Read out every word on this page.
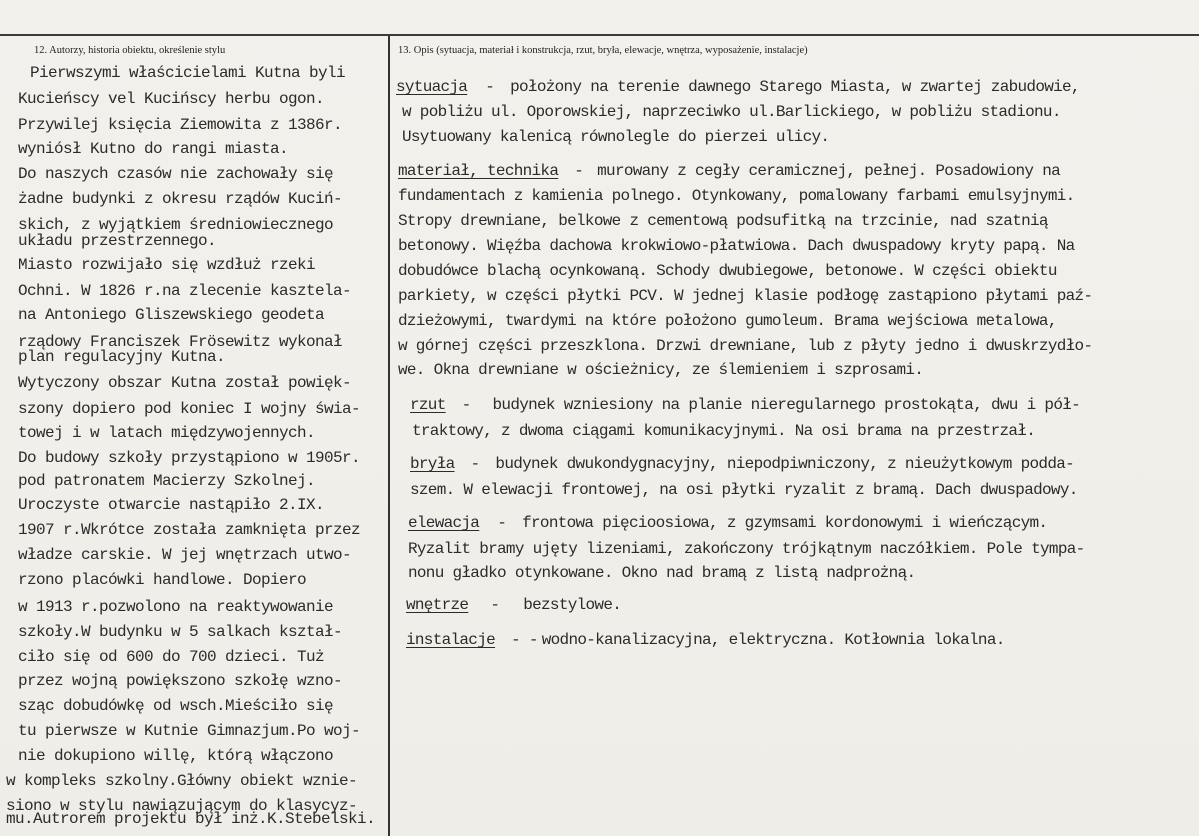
12. Autorzy, historia obiektu, określenie stylu	13. Opis (sytuacja, materiał i konstrukcja, rzut, bryła, elewacje, wnętrza, wyposażenie, instalacje)
Pierwszymi właścicielami Kutna byli
Kucieńscy vel Kucińscy herbu ogon.
Przywilej księcia Ziemowita z 1386r.
wyniósł Kutno do rangi miasta.
Do naszych czasów nie zachowały się
żadne budynki z okresu rządów Kuciń-
skich, z wyjątkiem średniowiecznego
układu przestrzennego.
Miasto rozwijało się wzdłuż rzeki
Ochni. W 1826 r.na zlecenie kasztela-
na Antoniego Gliszewskiego geodeta
rządowy Franciszek Frösewitz wykonał
plan regulacyjny Kutna.
Wytyczony obszar Kutna został powięk-
szony dopiero pod koniec I wojny świa-
towej i w latach międzywojennych.
Do budowy szkoły przystąpiono w 1905r.
pod patronatem Macierzy Szkolnej.
Uroczyste otwarcie nastąpiło 2.IX.
1907 r.Wkrótce została zamknięta przez
władze carskie. W jej wnętrzach utwo-
rzono placówki handlowe. Dopiero
w 1913 r.pozwolono na reaktywowanie
szkoły.W budynku w 5 salkach kształ-
ciło się od 600 do 700 dzieci. Tuż
przez wojną powiększono szkołę wzno-
sząc dobudówkę od wsch.Mieściło się
tu pierwsze w Kutnie Gimnazjum.Po woj-
nie dokupiono willę, którą włączono
w kompleks szkolny.Główny obiekt wznie-
siono w stylu nawiązującym do klasycyz-
mu.Autrorem projektu był inż.K.Stebelski.
sytuacja - położony na terenie dawnego Starego Miasta, w zwartej zabudowie,
w pobliżu ul. Oporowskiej, naprzeciwko ul.Barlickiego, w pobliżu stadionu.
Usytuowany kalenicą równolegle do pierzei ulicy.
materiał, technika - murowany z cegły ceramicznej, pełnej. Posadowiony na
fundamentach z kamienia polnego. Otynkowany, pomalowany farbami emulsyjnymi.
Stropy drewniane, belkowe z cementową podsufitką na trzcinie, nad szatnią
betonowy. Więźba dachowa krokwiowo-płatwiowa. Dach dwuspadowy kryty papą. Na
dobudówce blachą ocynkowaną. Schody dwubiegowe, betonowe. W części obiektu
parkiety, w części płytki PCV. W jednej klasie podłogę zastąpiono płytami paź-
dzieżowymi, twardymi na które położono gumoleum. Brama wejściowa metalowa,
w górnej części przeszklona. Drzwi drewniane, lub z płyty jedno i dwuskrzydło-
we. Okna drewniane w ościeżnicy, ze ślemieniem i szprosami.
rzut - budynek wzniesiony na planie nieregularnego prostokąta, dwu i pół-
traktowy, z dwoma ciągami komunikacyjnymi. Na osi brama na przestrzał.
bryła - budynek dwukondygnacyjny, niepodpiwniczony, z nieużytkowym podda-
szem. W elewacji frontowej, na osi płytki ryzalit z bramą. Dach dwuspadowy.
elewacja - frontowa pięcioosiowa, z gzymsami kordonowymi i wieńczącym.
Ryzalit bramy ujęty lizeniami, zakończony trójkątnym naczółkiem. Pole tympa-
nonu gładko otynkowane. Okno nad bramą z listą nadprożną.
wnętrze - bezstylowe.
instalacje - - wodno-kanalizacyjna, elektryczna. Kotłownia lokalna.
